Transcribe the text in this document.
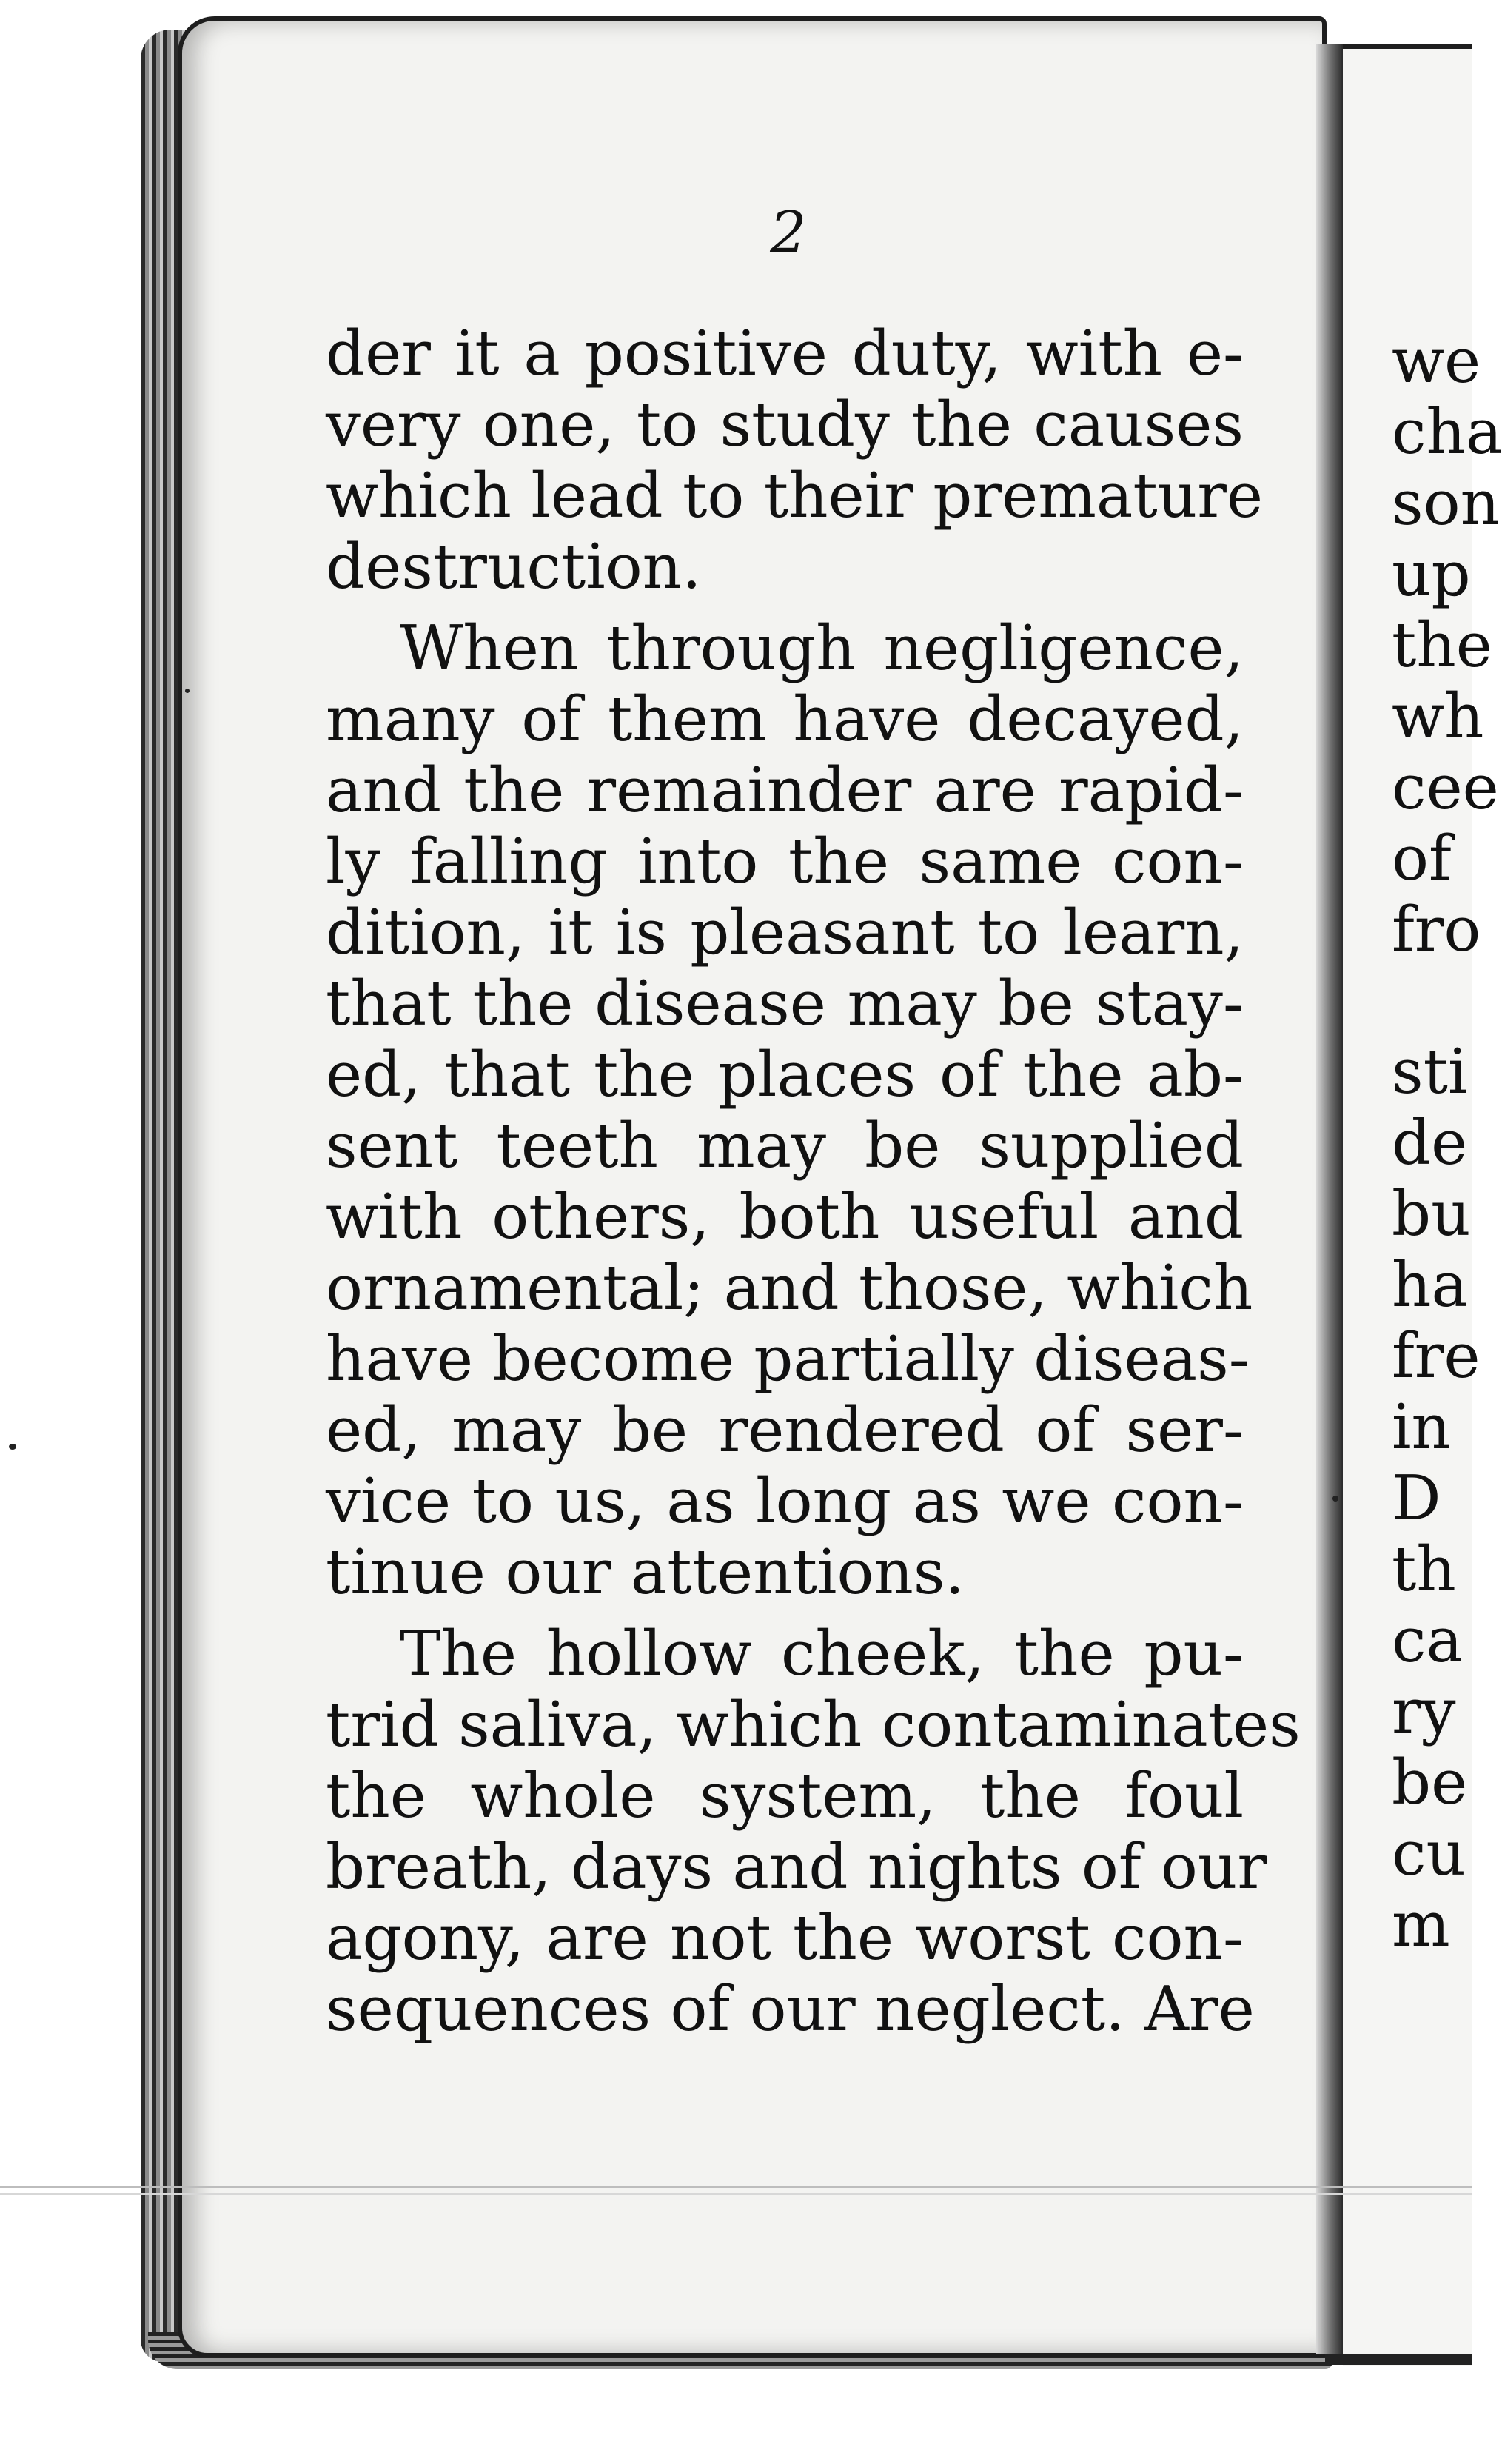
2
der it a positive duty, with e-
very one, to study the causes
which lead to their premature
destruction.
When through negligence,
many of them have decayed,
and the remainder are rapid-
ly falling into the same con-
dition, it is pleasant to learn,
that the disease may be stay-
ed, that the places of the ab-
sent teeth may be supplied
with others, both useful and
ornamental; and those, which
have become partially diseas-
ed, may be rendered of ser-
vice to us, as long as we con-
tinue our attentions.
The hollow cheek, the pu-
trid saliva, which contaminates
the whole system, the foul
breath, days and nights of our
agony, are not the worst con-
sequences of our neglect. Are
we
cha
son
up
the
wh
cee
of
fro
sti
de
bu
ha
fre
in
D
th
ca
ry
be
cu
m
